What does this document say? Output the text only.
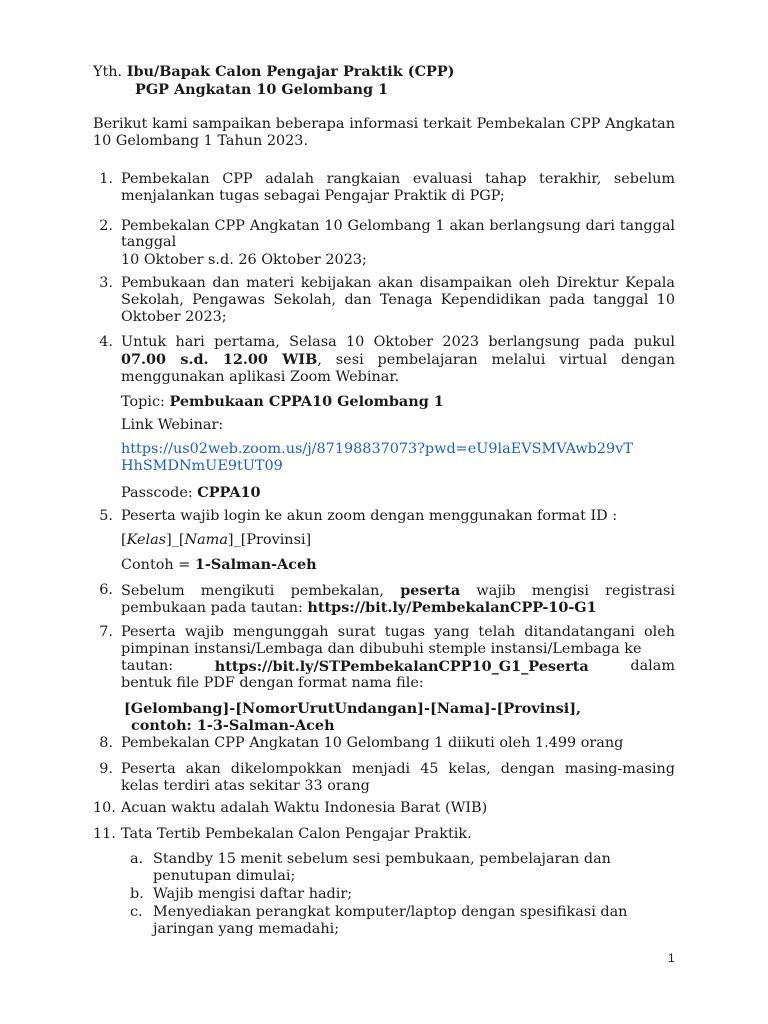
Yth. Ibu/Bapak Calon Pengajar Praktik (CPP)
PGP Angkatan 10 Gelombang 1
Berikut kami sampaikan beberapa informasi terkait Pembekalan CPP Angkatan 10 Gelombang 1 Tahun 2023.
1. Pembekalan CPP adalah rangkaian evaluasi tahap terakhir, sebelum menjalankan tugas sebagai Pengajar Praktik di PGP;
2. Pembekalan CPP Angkatan 10 Gelombang 1 akan berlangsung dari tanggal
tanggal
10 Oktober s.d. 26 Oktober 2023;
3. Pembukaan dan materi kebijakan akan disampaikan oleh Direktur Kepala Sekolah, Pengawas Sekolah, dan Tenaga Kependidikan pada tanggal 10 Oktober 2023;
4. Untuk hari pertama, Selasa 10 Oktober 2023 berlangsung pada pukul 07.00 s.d. 12.00 WIB, sesi pembelajaran melalui virtual dengan menggunakan aplikasi Zoom Webinar.
Topic: Pembukaan CPPA10 Gelombang 1
Link Webinar:
https://us02web.zoom.us/j/87198837073?pwd=eU9laEVSMVAwb29vT
HhSMDNmUE9tUT09
Passcode: CPPA10
5. Peserta wajib login ke akun zoom dengan menggunakan format ID :
[Kelas]_[Nama]_[Provinsi]
Contoh = 1-Salman-Aceh
6. Sebelum mengikuti pembekalan, peserta wajib mengisi registrasi
pembukaan pada tautan: https://bit.ly/PembekalanCPP-10-G1
7. Peserta wajib mengunggah surat tugas yang telah ditandatangani oleh pimpinan instansi/Lembaga dan dibubuhi stemple instansi/Lembaga ke
tautan:	https://bit.ly/STPembekalanCPP10_G1_Peserta	dalam
bentuk file PDF dengan format nama file:
[Gelombang]-[NomorUrutUndangan]-[Nama]-[Provinsi],
contoh: 1-3-Salman-Aceh
8. Pembekalan CPP Angkatan 10 Gelombang 1 diikuti oleh 1.499 orang
9. Peserta akan dikelompokkan menjadi 45 kelas, dengan masing-masing kelas terdiri atas sekitar 33 orang
10. Acuan waktu adalah Waktu Indonesia Barat (WIB)
11. Tata Tertib Pembekalan Calon Pengajar Praktik.
a. Standby 15 menit sebelum sesi pembukaan, pembelajaran dan penutupan dimulai;
b. Wajib mengisi daftar hadir;
c. Menyediakan perangkat komputer/laptop dengan spesifikasi dan jaringan yang memadahi;
1
